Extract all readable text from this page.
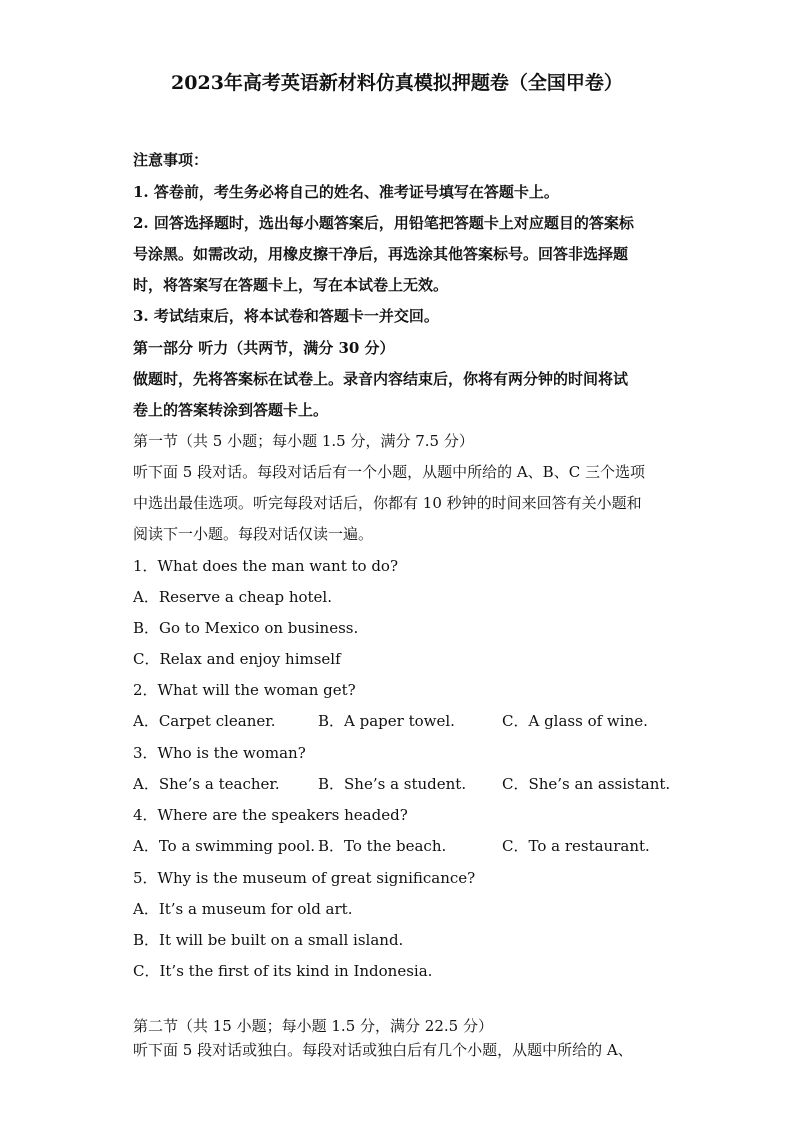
2023年高考英语新材料仿真模拟押题卷（全国甲卷）
注意事项：
1. 答卷前，考生务必将自己的姓名、准考证号填写在答题卡上。
2. 回答选择题时，选出每小题答案后，用铅笔把答题卡上对应题目的答案标
号涂黑。如需改动，用橡皮擦干净后，再选涂其他答案标号。回答非选择题
时，将答案写在答题卡上，写在本试卷上无效。
3. 考试结束后，将本试卷和答题卡一并交回。
第一部分 听力（共两节，满分 30 分）
做题时，先将答案标在试卷上。录音内容结束后，你将有两分钟的时间将试
卷上的答案转涂到答题卡上。
第一节（共 5 小题；每小题 1.5 分，满分 7.5 分）
听下面 5 段对话。每段对话后有一个小题，从题中所给的 A、B、C 三个选项
中选出最佳选项。听完每段对话后，你都有 10 秒钟的时间来回答有关小题和
阅读下一小题。每段对话仅读一遍。
1．What does the man want to do?
A．Reserve a cheap hotel.
B．Go to Mexico on business.
C．Relax and enjoy himself
2．What will the woman get?
A．Carpet cleaner.	B．A paper towel.	C．A glass of wine.
3．Who is the woman?
A．She’s a teacher.	B．She’s a student. C．She’s an assistant.
4．Where are the speakers headed?
A．To a swimming pool. B．To the beach.	C．To a restaurant.
5．Why is the museum of great significance?
A．It’s a museum for old art.
B．It will be built on a small island.
C．It’s the first of its kind in Indonesia.
第二节（共 15 小题；每小题 1.5 分，满分 22.5 分）
听下面 5 段对话或独白。每段对话或独白后有几个小题，从题中所给的 A、
